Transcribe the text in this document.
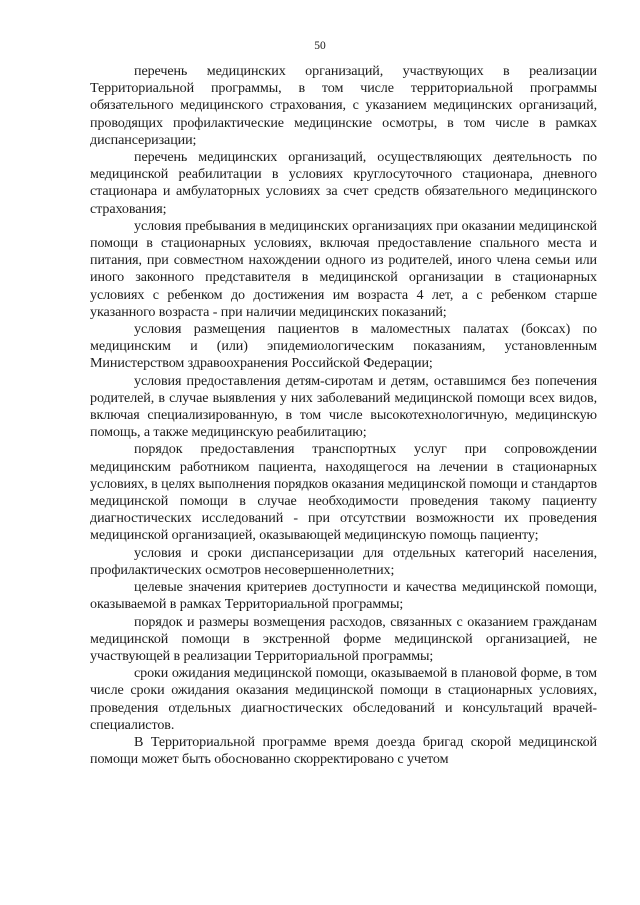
50

перечень медицинских организаций, участвующих в реализации Территориальной программы, в том числе территориальной программы обязательного медицинского страхования, с указанием медицинских организаций, проводящих профилактические медицинские осмотры, в том числе в рамках диспансеризации;

перечень медицинских организаций, осуществляющих деятельность по медицинской реабилитации в условиях круглосуточного стационара, дневного стационара и амбулаторных условиях за счет средств обязательного медицинского страхования;

условия пребывания в медицинских организациях при оказании медицинской помощи в стационарных условиях, включая предоставление спального места и питания, при совместном нахождении одного из родителей, иного члена семьи или иного законного представителя в медицинской организации в стационарных условиях с ребенком до достижения им возраста 4 лет, а с ребенком старше указанного возраста - при наличии медицинских показаний;

условия размещения пациентов в маломестных палатах (боксах) по медицинским и (или) эпидемиологическим показаниям, установленным Министерством здравоохранения Российской Федерации;

условия предоставления детям-сиротам и детям, оставшимся без попечения родителей, в случае выявления у них заболеваний медицинской помощи всех видов, включая специализированную, в том числе высокотехнологичную, медицинскую помощь, а также медицинскую реабилитацию;

порядок предоставления транспортных услуг при сопровождении медицинским работником пациента, находящегося на лечении в стационарных условиях, в целях выполнения порядков оказания медицинской помощи и стандартов медицинской помощи в случае необходимости проведения такому пациенту диагностических исследований - при отсутствии возможности их проведения медицинской организацией, оказывающей медицинскую помощь пациенту;

условия и сроки диспансеризации для отдельных категорий населения, профилактических осмотров несовершеннолетних;

целевые значения критериев доступности и качества медицинской помощи, оказываемой в рамках Территориальной программы;

порядок и размеры возмещения расходов, связанных с оказанием гражданам медицинской помощи в экстренной форме медицинской организацией, не участвующей в реализации Территориальной программы;

сроки ожидания медицинской помощи, оказываемой в плановой форме, в том числе сроки ожидания оказания медицинской помощи в стационарных условиях, проведения отдельных диагностических обследований и консультаций врачей-специалистов.

В Территориальной программе время доезда бригад скорой медицинской помощи может быть обоснованно скорректировано с учетом
